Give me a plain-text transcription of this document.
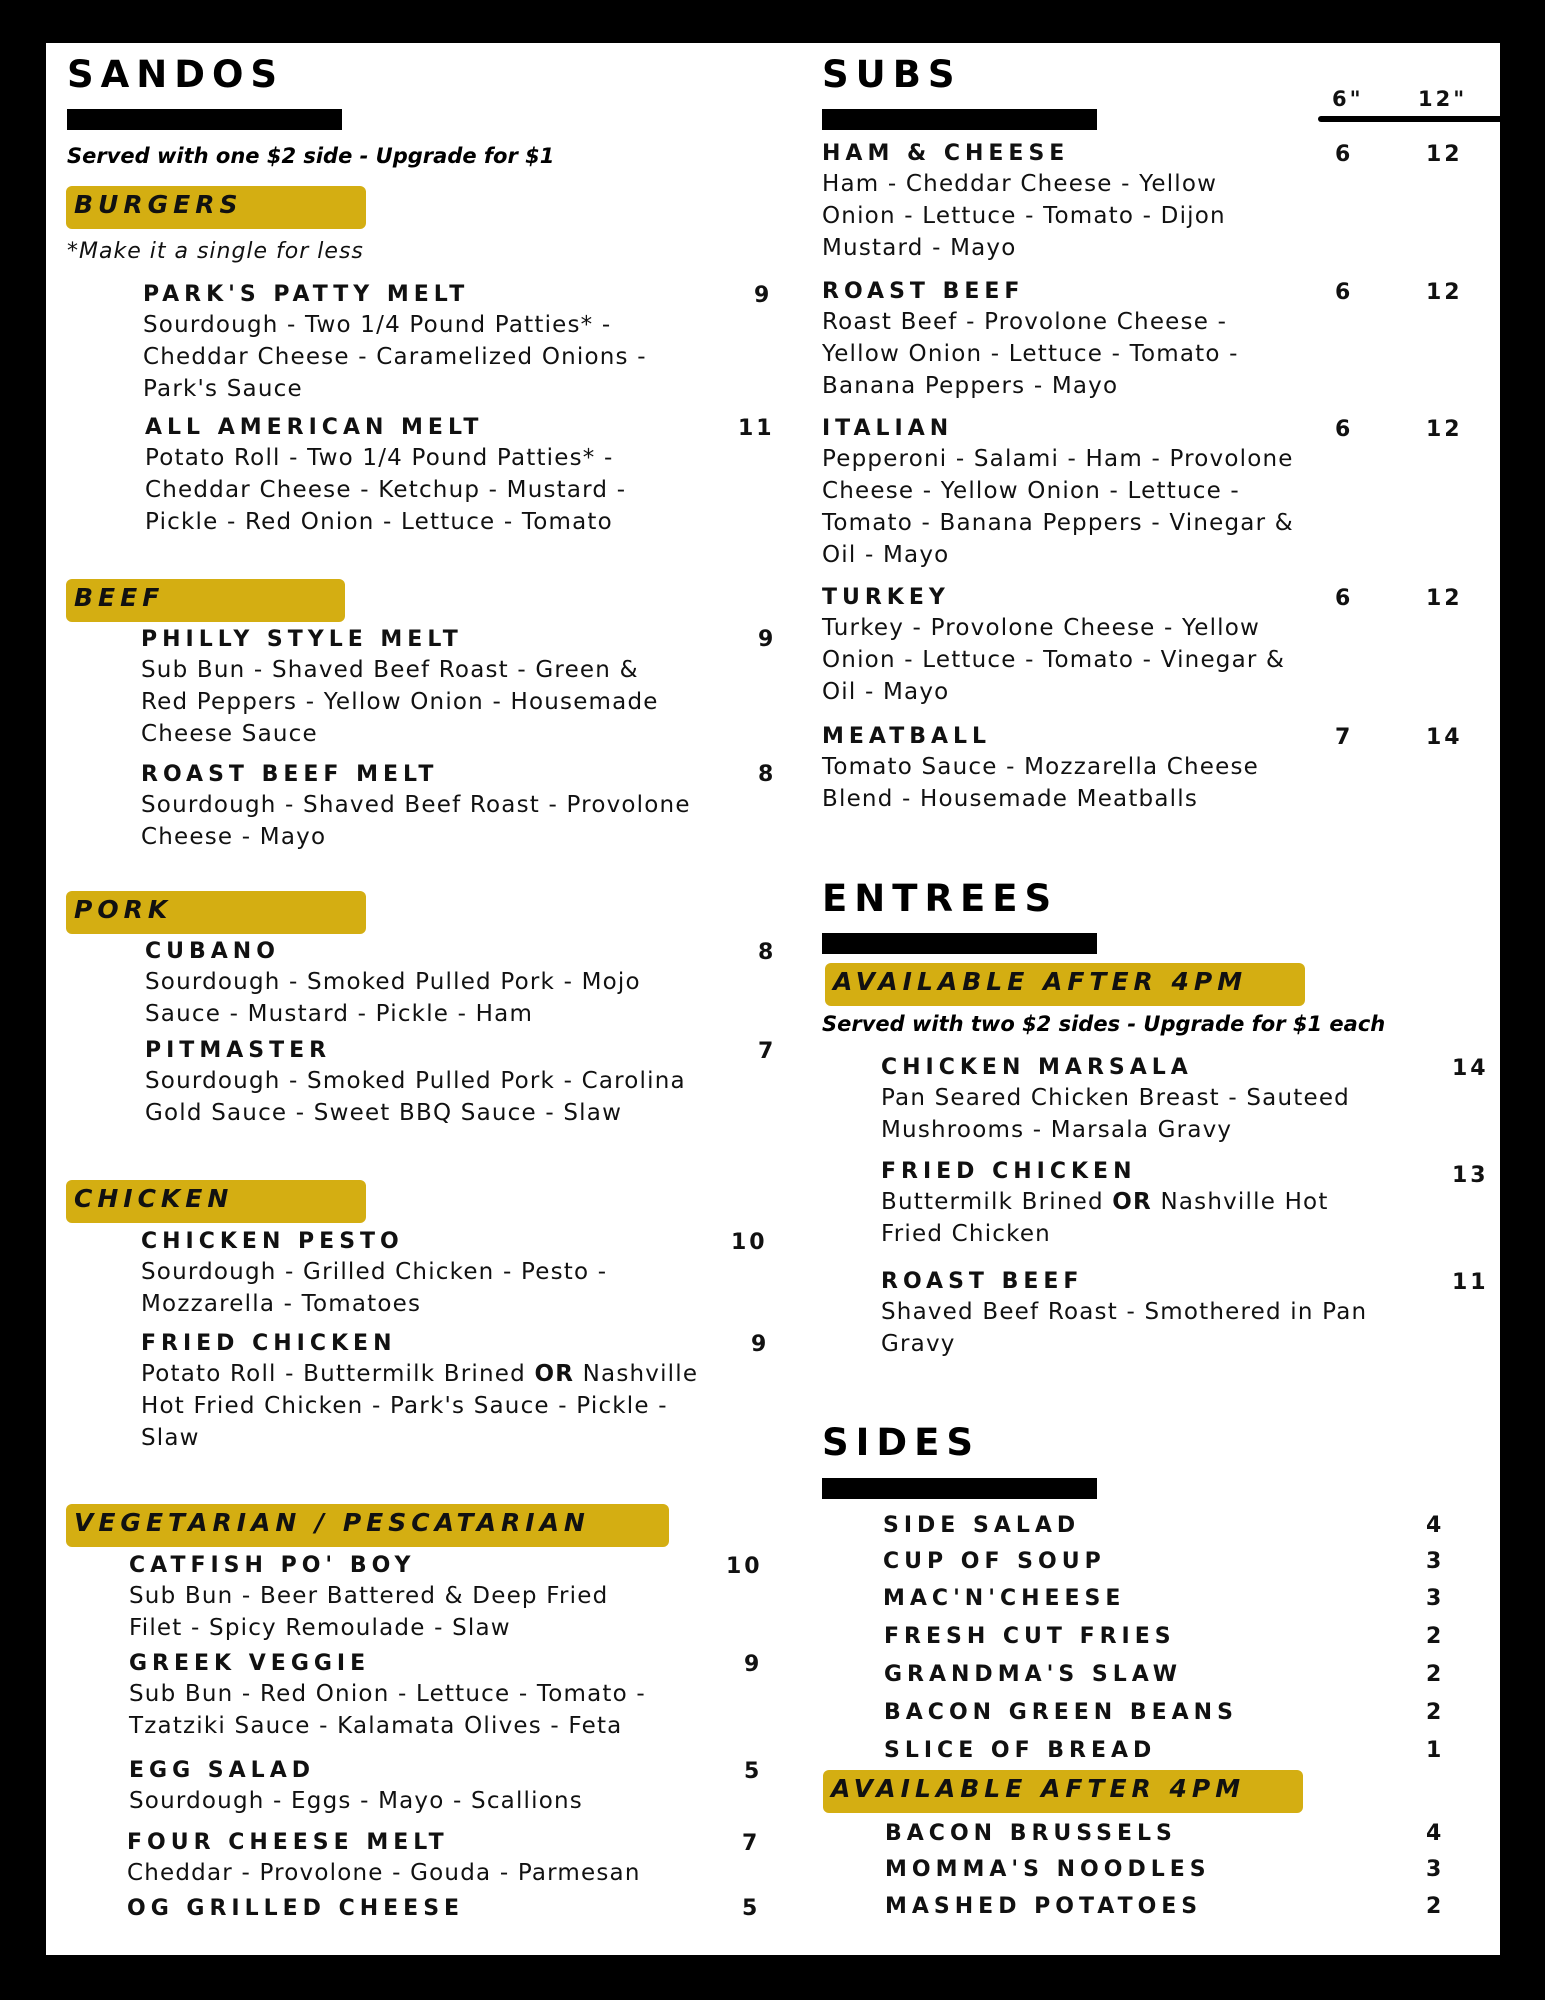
SANDOS
Served with one $2 side - Upgrade for $1
BURGERS
*Make it a single for less
PARK'S PATTY MELT
Sourdough - Two 1/4 Pound Patties* - Cheddar Cheese - Caramelized Onions - Park's Sauce
9
ALL AMERICAN MELT
Potato Roll - Two 1/4 Pound Patties* - Cheddar Cheese - Ketchup - Mustard - Pickle - Red Onion - Lettuce - Tomato
11
BEEF
PHILLY STYLE MELT
Sub Bun - Shaved Beef Roast - Green & Red Peppers - Yellow Onion - Housemade Cheese Sauce
9
ROAST BEEF MELT
Sourdough - Shaved Beef Roast - Provolone Cheese - Mayo
8
PORK
CUBANO
Sourdough - Smoked Pulled Pork - Mojo Sauce - Mustard - Pickle - Ham
8
PITMASTER
Sourdough - Smoked Pulled Pork - Carolina Gold Sauce - Sweet BBQ Sauce - Slaw
7
CHICKEN
CHICKEN PESTO
Sourdough - Grilled Chicken - Pesto - Mozzarella - Tomatoes
10
FRIED CHICKEN
Potato Roll - Buttermilk Brined OR Nashville Hot Fried Chicken - Park's Sauce - Pickle - Slaw
9
VEGETARIAN / PESCATARIAN
CATFISH PO' BOY
Sub Bun - Beer Battered & Deep Fried Filet - Spicy Remoulade - Slaw
10
GREEK VEGGIE
Sub Bun - Red Onion - Lettuce - Tomato - Tzatziki Sauce - Kalamata Olives - Feta
9
EGG SALAD
Sourdough - Eggs - Mayo - Scallions
5
FOUR CHEESE MELT
Cheddar - Provolone - Gouda - Parmesan
7
OG GRILLED CHEESE	5
SUBS
6"	12"
HAM & CHEESE
Ham - Cheddar Cheese - Yellow Onion - Lettuce - Tomato - Dijon Mustard - Mayo
6	12
ROAST BEEF
Roast Beef - Provolone Cheese - Yellow Onion - Lettuce - Tomato - Banana Peppers - Mayo
6	12
ITALIAN
Pepperoni - Salami - Ham - Provolone Cheese - Yellow Onion - Lettuce - Tomato - Banana Peppers - Vinegar & Oil - Mayo
6	12
TURKEY
Turkey - Provolone Cheese - Yellow Onion - Lettuce - Tomato - Vinegar & Oil - Mayo
6	12
MEATBALL
Tomato Sauce - Mozzarella Cheese Blend - Housemade Meatballs
7	14
ENTREES
AVAILABLE AFTER 4PM
Served with two $2 sides - Upgrade for $1 each
CHICKEN MARSALA
Pan Seared Chicken Breast - Sauteed Mushrooms - Marsala Gravy
14
FRIED CHICKEN
Buttermilk Brined OR Nashville Hot Fried Chicken
13
ROAST BEEF
Shaved Beef Roast - Smothered in Pan Gravy
11
SIDES
SIDE SALAD	4
CUP OF SOUP	3
MAC'N'CHEESE	3
FRESH CUT FRIES	2
GRANDMA'S SLAW	2
BACON GREEN BEANS	2
SLICE OF BREAD	1
AVAILABLE AFTER 4PM
BACON BRUSSELS	4
MOMMA'S NOODLES	3
MASHED POTATOES	2
